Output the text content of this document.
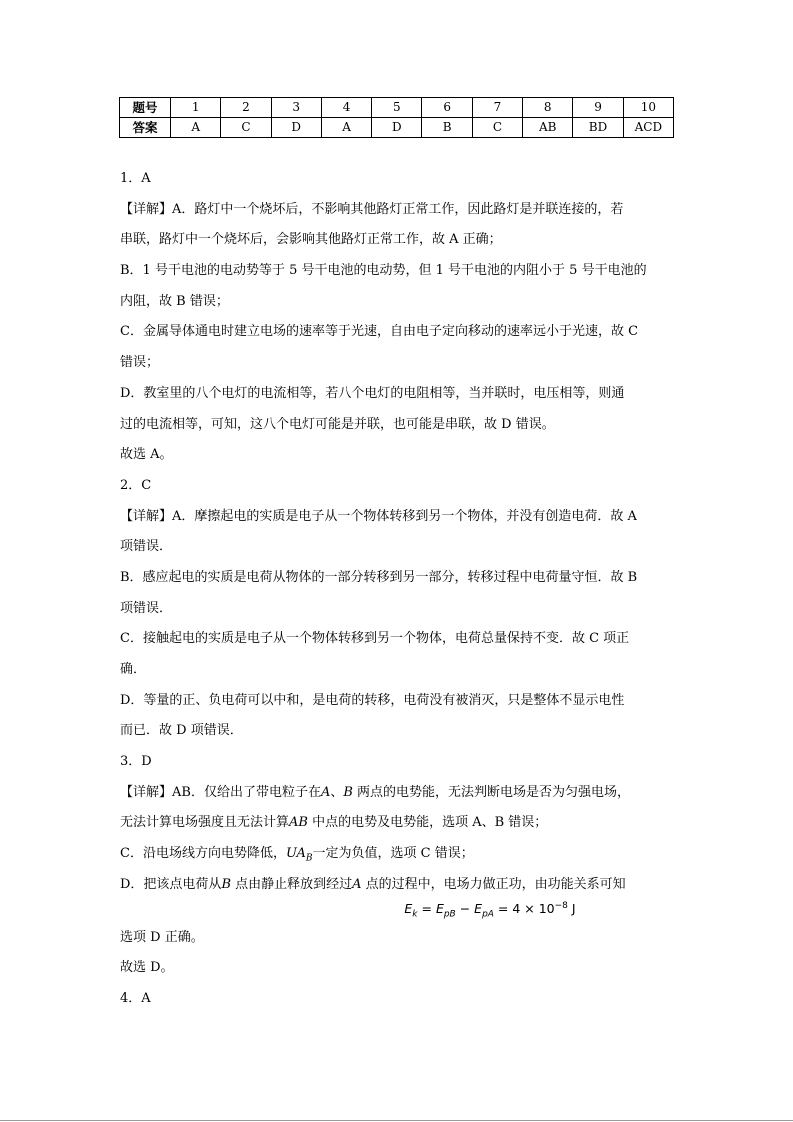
题号	1	2	3	4	5	6	7	8	9	10
答案	A	C	D	A	D	B	C	AB	BD	ACD
1．A
【详解】A．路灯中一个烧坏后，不影响其他路灯正常工作，因此路灯是并联连接的，若
串联，路灯中一个烧坏后，会影响其他路灯正常工作，故 A 正确；
B．1 号干电池的电动势等于 5 号干电池的电动势，但 1 号干电池的内阻小于 5 号干电池的
内阻，故 B 错误；
C．金属导体通电时建立电场的速率等于光速，自由电子定向移动的速率远小于光速，故 C
错误；
D．教室里的八个电灯的电流相等，若八个电灯的电阻相等，当并联时，电压相等，则通
过的电流相等，可知，这八个电灯可能是并联，也可能是串联，故 D 错误。
故选 A。
2．C
【详解】A．摩擦起电的实质是电子从一个物体转移到另一个物体，并没有创造电荷．故 A
项错误．
B．感应起电的实质是电荷从物体的一部分转移到另一部分，转移过程中电荷量守恒．故 B
项错误．
C．接触起电的实质是电子从一个物体转移到另一个物体，电荷总量保持不变．故 C 项正
确．
D．等量的正、负电荷可以中和，是电荷的转移，电荷没有被消灭，只是整体不显示电性
而已．故 D 项错误．
3．D
【详解】AB．仅给出了带电粒子在A、B 两点的电势能，无法判断电场是否为匀强电场，
无法计算电场强度且无法计算AB 中点的电势及电势能，选项 A、B 错误；
C．沿电场线方向电势降低，$UA_B$一定为负值，选项 C 错误；
D．把该点电荷从B 点由静止释放到经过A 点的过程中，电场力做正功，由功能关系可知
$E_k = E_{pB} - E_{pA} = 4 \times 10^{-8}$ J
选项 D 正确。
故选 D。
4．A
